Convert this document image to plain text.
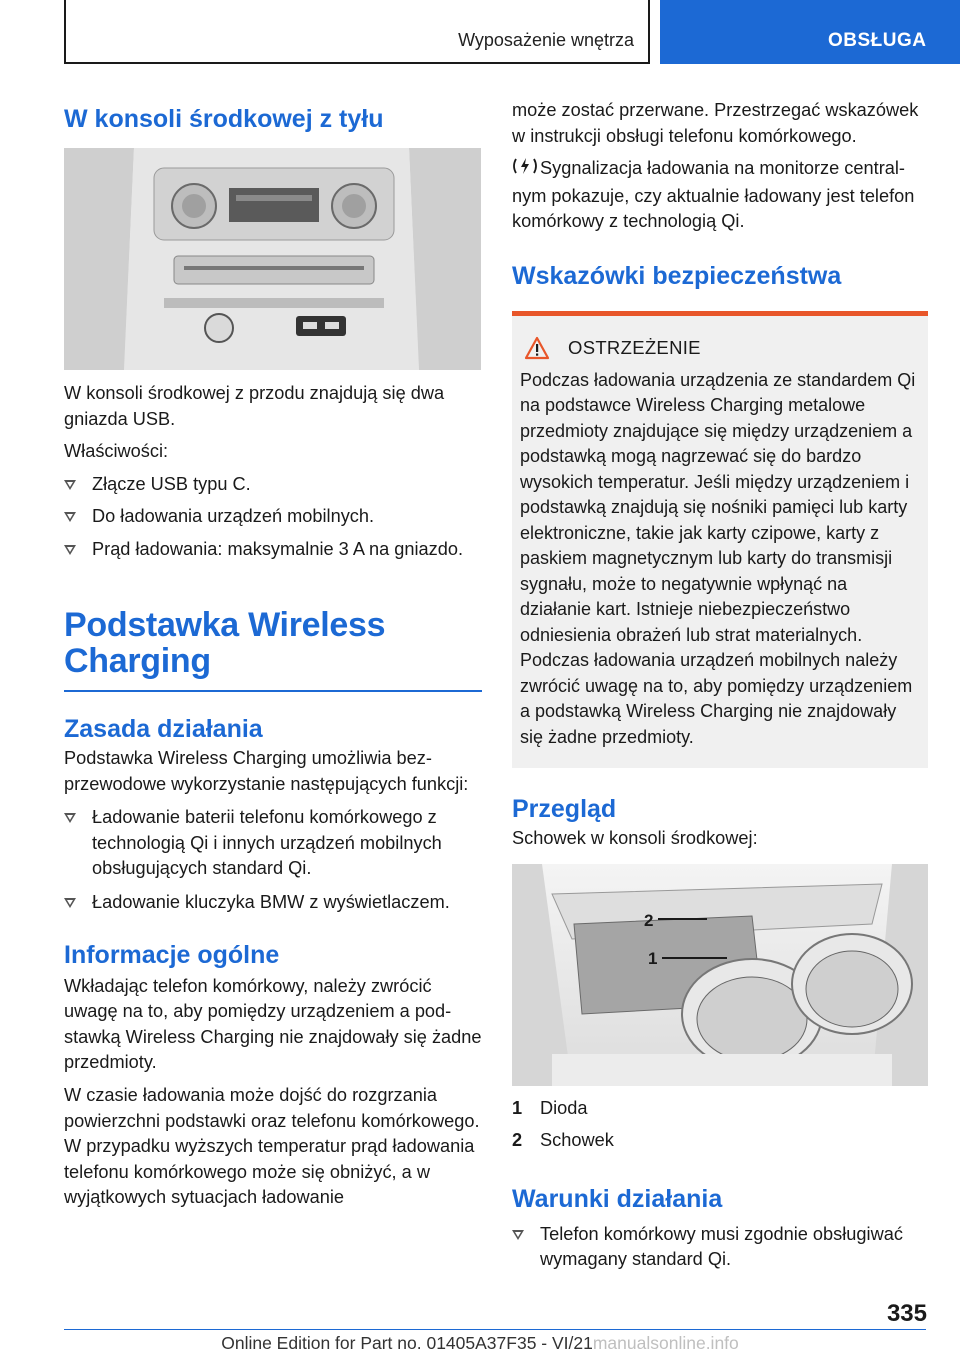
Wyposażenie wnętrza	OBSŁUGA
W konsoli środkowej z tyłu

W konsoli środkowej z przodu znajdują się dwa gniazda USB.

Właściwości:

Złącze USB typu C.
Do ładowania urządzeń mobilnych.
Prąd ładowania: maksymalnie 3 A na gniazdo.
Podstawka Wireless Charging
Zasada działania

Podstawka Wireless Charging umożliwia bezprzewodowe wykorzystanie następujących funkcji:

Ładowanie baterii telefonu komórkowego z technologią Qi i innych urządzeń mobilnych obsługujących standard Qi.
Ładowanie kluczyka BMW z wyświetlaczem.
Informacje ogólne

Wkładając telefon komórkowy, należy zwrócić uwagę na to, aby pomiędzy urządzeniem a podstawką Wireless Charging nie znajdowały się żadne przedmioty.

W czasie ładowania może dojść do rozgrzania powierzchni podstawki oraz telefonu komórkowego. W przypadku wyższych temperatur prąd ładowania telefonu komórkowego może się obniżyć, a w wyjątkowych sytuacjach ładowanie

może zostać przerwane. Przestrzegać wskazówek w instrukcji obsługi telefonu komórkowego.

Sygnalizacja ładowania na monitorze centralnym pokazuje, czy aktualnie ładowany jest telefon komórkowy z technologią Qi.

Wskazówki bezpieczeństwa
OSTRZEŻENIE

Podczas ładowania urządzenia ze standardem Qi na podstawce Wireless Charging metalowe przedmioty znajdujące się między urządzeniem a podstawką mogą nagrzewać się do bardzo wysokich temperatur. Jeśli między urządzeniem i podstawką znajdują się nośniki pamięci lub karty elektroniczne, takie jak karty czipowe, karty z paskiem magnetycznym lub karty do transmisji sygnału, może to negatywnie wpłynąć na działanie kart. Istnieje niebezpieczeństwo odniesienia obrażeń lub strat materialnych. Podczas ładowania urządzeń mobilnych należy zwrócić uwagę na to, aby pomiędzy urządzeniem a podstawką Wireless Charging nie znajdowały się żadne przedmioty.

Przegląd

Schowek w konsoli środkowej:

2
1
1 Dioda
2 Schowek
Warunki działania
Telefon komórkowy musi zgodnie obsługiwać wymagany standard Qi.
335
Online Edition for Part no. 01405A37F35 - VI/21manualsonline.info
